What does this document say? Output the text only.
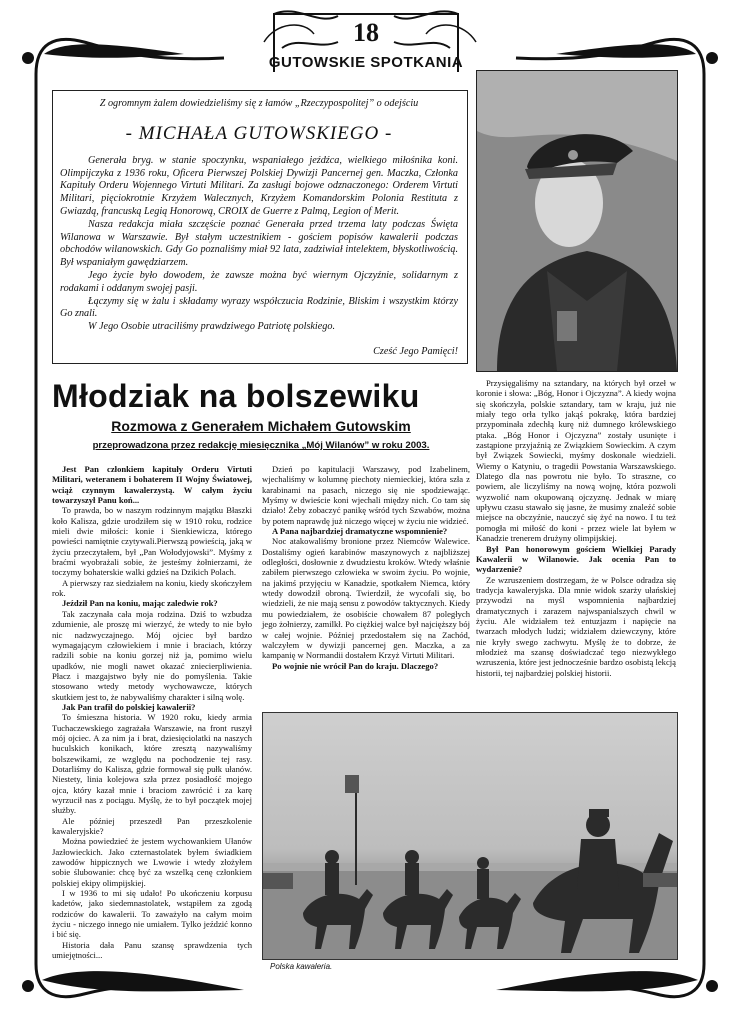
18
GUTOWSKIE SPOTKANIA

Z ogromnym żalem dowiedzieliśmy się z łamów „Rzeczypospolitej” o odejściu

- MICHAŁA GUTOWSKIEGO -

Generała bryg. w stanie spoczynku, wspaniałego jeźdźca, wielkiego miłośnika koni. Olimpijczyka z 1936 roku, Oficera Pierwszej Polskiej Dywizji Pancernej gen. Maczka, Członka Kapituły Orderu Wojennego Virtuti Militari. Za zasługi bojowe odznaczonego: Orderem Virtuti Militari, pięciokrotnie Krzyżem Walecznych, Krzyżem Komandorskim Polonia Restituta z Gwiazdą, francuską Legią Honorową, CROIX de Guerre z Palmą, Legion of Merit.

Nasza redakcja miała szczęście poznać Generała przed trzema laty podczas Święta Wilanowa w Warszawie. Był stałym uczestnikiem - gościem popisów kawalerii podczas obchodów wilanowskich. Gdy Go poznaliśmy miał 92 lata, zadziwiał intelektem, błyskotliwością. Był wspaniałym gawędziarzem.

Jego życie było dowodem, że zawsze można być wiernym Ojczyźnie, solidarnym z rodakami i oddanym swojej pasji.

Łączymy się w żalu i składamy wyrazy współczucia Rodzinie, Bliskim i wszystkim którzy Go znali.

W Jego Osobie utraciliśmy prawdziwego Patriotę polskiego.

Cześć Jego Pamięci!

Młodziak na bolszewiku
Rozmowa z Generałem Michałem Gutowskim
przeprowadzona przez redakcję miesięcznika „Mój Wilanów” w roku 2003.

Jest Pan członkiem kapituły Orderu Virtuti Militari, weteranem i bohaterem II Wojny Światowej, wciąż czynnym kawalerzystą. W całym życiu towarzyszył Panu koń...

To prawda, bo w naszym rodzinnym majątku Błaszki koło Kalisza, gdzie urodziłem się w 1910 roku, rodzice mieli dwie miłości: konie i Sienkiewicza, którego powieści namiętnie czytywali.Pierwszą powieścią, jaką w życiu przeczytałem, był „Pan Wołodyjowski”. Myśmy z braćmi wyobrażali sobie, że jesteśmy żołnierzami, że toczymy bohaterskie walki gdzieś na Dzikich Polach.

A pierwszy raz siedziałem na koniu, kiedy skończyłem rok.

Jeździł Pan na koniu, mając zaledwie rok?

Tak zaczynała cała moja rodzina. Dziś to wzbudza zdumienie, ale proszę mi wierzyć, że wtedy to nie było nic nadzwyczajnego. Mój ojciec był bardzo wymagającym człowiekiem i mnie i braciach, którzy radzili sobie na koniu gorzej niż ja, pomimo wielu upadków, nie mogli nawet okazać zniecierpliwienia. Płacz i mazgajstwo były nie do pomyślenia. Takie stosowano wtedy metody wychowawcze, których skutkiem jest to, że nabywaliśmy charakter i silną wolę.

Jak Pan trafił do polskiej kawalerii?

To śmieszna historia. W 1920 roku, kiedy armia Tuchaczewskiego zagrażała Warszawie, na front ruszył mój ojciec. A za nim ja i brat, dziesięciolatki na naszych huculskich konikach, które zresztą nazywaliśmy bolszewikami, ze względu na pochodzenie tej rasy. Dotarliśmy do Kalisza, gdzie formował się pułk ułanów. Niestety, linia kolejowa szła przez posiadłość mojego ojca, który kazał mnie i braciom zawrócić i za karę wyrzucił nas z pociągu. Myślę, że to był początek mojej służby.

Ale później przeszedł Pan przeszkolenie kawaleryjskie?

Można powiedzieć że jestem wychowankiem Ułanów Jazłowieckich. Jako czternastolatek byłem świadkiem zawodów hippicznych we Lwowie i wtedy złożyłem sobie ślubowanie: chcę być za wszelką cenę członkiem polskiej ekipy olimpijskiej.

I w 1936 to mi się udało! Po ukończeniu korpusu kadetów, jako siedemnastolatek, wstąpiłem za zgodą rodziców do kawalerii. To zaważyło na całym moim życiu - niczego innego nie umiałem. Tylko jeździć konno i bić się.

Historia dała Panu szansę sprawdzenia tych umiejętności...

Dzień po kapitulacji Warszawy, pod Izabelinem, wjechaliśmy w kolumnę piechoty niemieckiej, która szła z karabinami na pasach, niczego się nie spodziewając. Myśmy w dwieście koni wjechali między nich. Co tam się działo! Żeby zobaczyć panikę wśród tych Szwabów, można by potem naprawdę już niczego więcej w życiu nie widzieć.

A Pana najbardziej dramatyczne wspomnienie?

Noc atakowaliśmy bronione przez Niemców Walewice. Dostaliśmy ogień karabinów maszynowych z najbliższej odległości, dosłownie z dwudziestu kroków. Wtedy właśnie zabiłem pierwszego człowieka w swoim życiu. Po wojnie, na jakimś przyjęciu w Kanadzie, spotkałem Niemca, który wtedy dowodził obroną. Twierdził, że wycofali się, bo wiedzieli, że nie mają sensu z powodów taktycznych. Kiedy mu powiedziałem, że osobiście chowałem 87 poległych jego żołnierzy, zamilkł. Po ciężkiej walce był najcięższy bój w całej wojnie. Później przedostałem się na Zachód, walczyłem w dywizji pancernej gen. Maczka, a za kampanię w Normandii dostałem Krzyż Virtuti Militari.

Po wojnie nie wrócił Pan do kraju. Dlaczego?

Przysięgaliśmy na sztandary, na których był orzeł w koronie i słowa: „Bóg, Honor i Ojczyzna”. A kiedy wojna się skończyła, polskie sztandary, tam w kraju, już nie miały tego orła tylko jakąś pokrakę, która bardziej przypominała zdechłą kurę niż dumnego królewskiego ptaka. „Bóg Honor i Ojczyzna” zostały usunięte i zastąpione przyjaźnią ze Związkiem Sowieckim. A czym był Związek Sowiecki, myśmy doskonale wiedzieli. Wiemy o Katyniu, o tragedii Powstania Warszawskiego. Dlatego dla nas powrotu nie było. To straszne, co powiem, ale liczyliśmy na nową wojnę, która pozwoli wyzwolić nam okupowaną ojczyznę. Jednak w miarę upływu czasu stawało się jasne, że musimy znaleźć sobie miejsce na obczyźnie, nauczyć się żyć na nowo. I tu też pomogła mi miłość do koni - przez wiele lat byłem w Kanadzie trenerem drużyny olimpijskiej.

Był Pan honorowym gościem Wielkiej Parady Kawalerii w Wilanowie. Jak ocenia Pan to wydarzenie?

Ze wzruszeniem dostrzegam, że w Polsce odradza się tradycja kawaleryjska. Dla mnie widok szarży ułańskiej przywodzi na myśl wspomnienia najbardziej dramatycznych i zarazem najwspanialszych chwil w życiu. Ale widziałem też entuzjazm i napięcie na twarzach młodych ludzi; widziałem dziewczyny, które nie kryły swego zachwytu. Myślę że to dobrze, że młodzież ma szansę doświadczać tego niezwykłego wzruszenia, które jest jednocześnie bardzo osobistą lekcją historii, tej najbardziej polskiej historii.

Polska kawaleria.
